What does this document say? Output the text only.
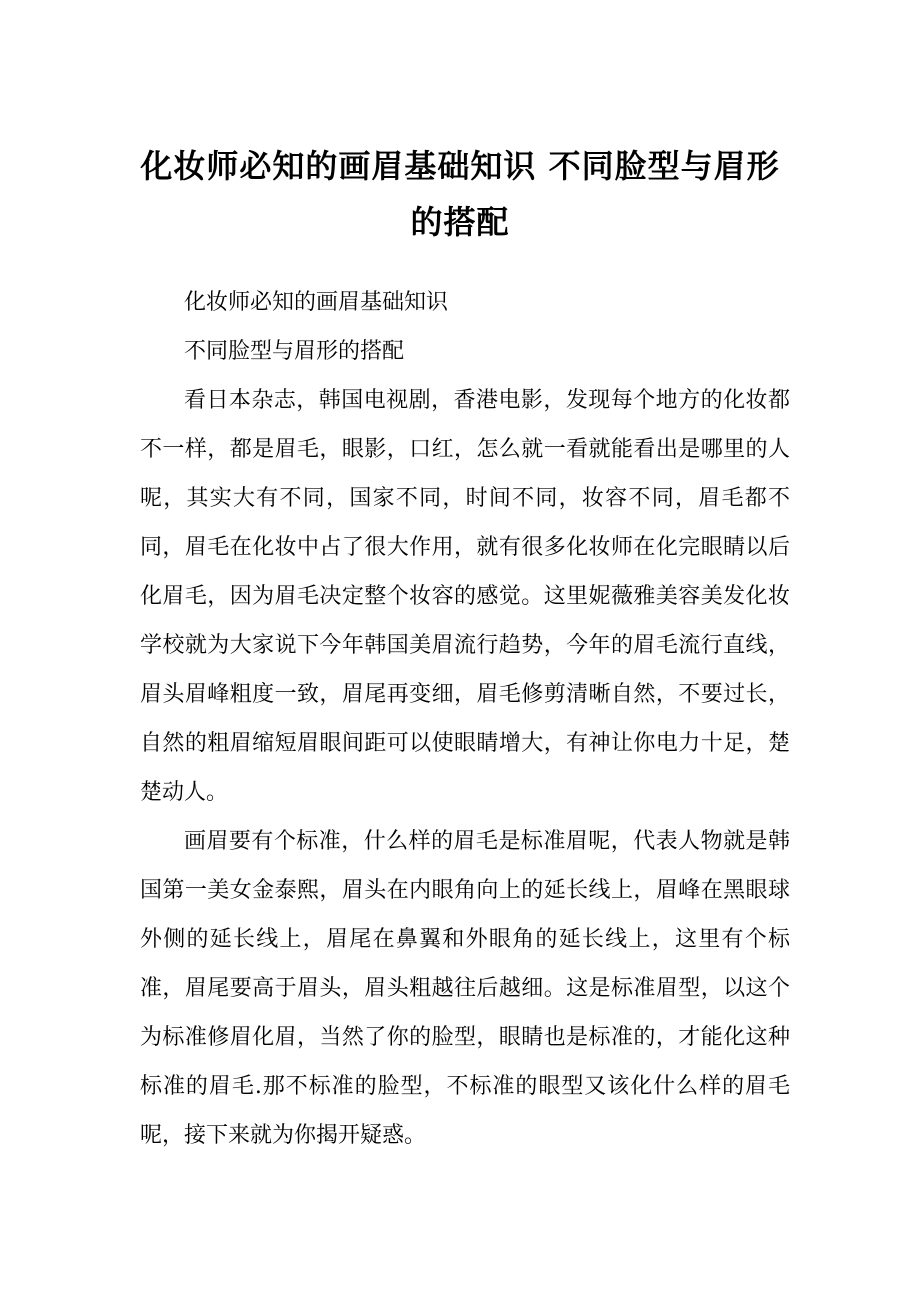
化妆师必知的画眉基础知识 不同脸型与眉形的搭配

化妆师必知的画眉基础知识

不同脸型与眉形的搭配

看日本杂志，韩国电视剧，香港电影，发现每个地方的化妆都不一样，都是眉毛，眼影，口红，怎么就一看就能看出是哪里的人呢，其实大有不同，国家不同，时间不同，妆容不同，眉毛都不同，眉毛在化妆中占了很大作用，就有很多化妆师在化完眼睛以后化眉毛，因为眉毛决定整个妆容的感觉。这里妮薇雅美容美发化妆学校就为大家说下今年韩国美眉流行趋势，今年的眉毛流行直线，眉头眉峰粗度一致，眉尾再变细，眉毛修剪清晰自然，不要过长，自然的粗眉缩短眉眼间距可以使眼睛增大，有神让你电力十足，楚楚动人。

画眉要有个标准，什么样的眉毛是标准眉呢，代表人物就是韩国第一美女金泰熙，眉头在内眼角向上的延长线上，眉峰在黑眼球外侧的延长线上，眉尾在鼻翼和外眼角的延长线上，这里有个标准，眉尾要高于眉头，眉头粗越往后越细。这是标准眉型，以这个为标准修眉化眉，当然了你的脸型，眼睛也是标准的，才能化这种标准的眉毛.那不标准的脸型，不标准的眼型又该化什么样的眉毛呢，接下来就为你揭开疑惑。
